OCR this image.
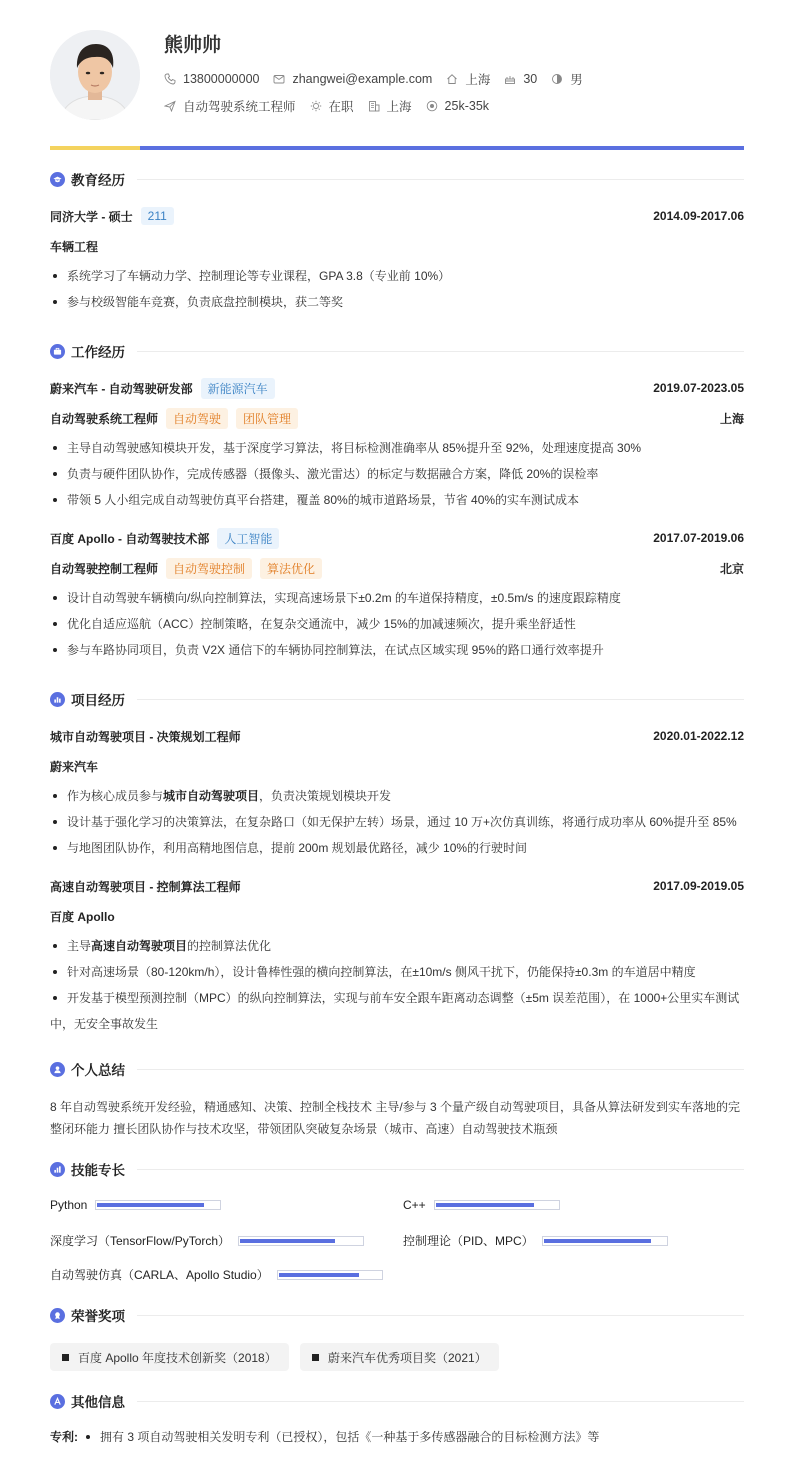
熊帅帅
13800000000	zhangwei@example.com	上海	30	男
自动驾驶系统工程师	在职	上海	25k-35k
教育经历
同济大学 - 硕士	211	2014.09-2017.06
车辆工程
系统学习了车辆动力学、控制理论等专业课程，GPA 3.8（专业前 10%）
参与校级智能车竞赛，负责底盘控制模块，获二等奖
工作经历
蔚来汽车 - 自动驾驶研发部	新能源汽车	2019.07-2023.05
自动驾驶系统工程师	自动驾驶	团队管理	上海
主导自动驾驶感知模块开发，基于深度学习算法，将目标检测准确率从 85%提升至 92%，处理速度提高 30%
负责与硬件团队协作，完成传感器（摄像头、激光雷达）的标定与数据融合方案，降低 20%的误检率
带领 5 人小组完成自动驾驶仿真平台搭建，覆盖 80%的城市道路场景，节省 40%的实车测试成本
百度 Apollo - 自动驾驶技术部	人工智能	2017.07-2019.06
自动驾驶控制工程师	自动驾驶控制	算法优化	北京
设计自动驾驶车辆横向/纵向控制算法，实现高速场景下±0.2m 的车道保持精度，±0.5m/s 的速度跟踪精度
优化自适应巡航（ACC）控制策略，在复杂交通流中，减少 15%的加减速频次，提升乘坐舒适性
参与车路协同项目，负责 V2X 通信下的车辆协同控制算法，在试点区域实现 95%的路口通行效率提升
项目经历
城市自动驾驶项目 - 决策规划工程师	2020.01-2022.12
蔚来汽车
作为核心成员参与城市自动驾驶项目，负责决策规划模块开发
设计基于强化学习的决策算法，在复杂路口（如无保护左转）场景，通过 10 万+次仿真训练，将通行成功率从 60%提升至 85%
与地图团队协作，利用高精地图信息，提前 200m 规划最优路径，减少 10%的行驶时间
高速自动驾驶项目 - 控制算法工程师	2017.09-2019.05
百度 Apollo
主导高速自动驾驶项目的控制算法优化
针对高速场景（80-120km/h），设计鲁棒性强的横向控制算法，在±10m/s 侧风干扰下，仍能保持±0.3m 的车道居中精度
开发基于模型预测控制（MPC）的纵向控制算法，实现与前车安全跟车距离动态调整（±5m 误差范围），在 1000+公里实车测试
中，无安全事故发生
个人总结
8 年自动驾驶系统开发经验，精通感知、决策、控制全栈技术 主导/参与 3 个量产级自动驾驶项目，具备从算法研发到实车落地的完
整闭环能力 擅长团队协作与技术攻坚，带领团队突破复杂场景（城市、高速）自动驾驶技术瓶颈
技能专长
Python	C++
深度学习（TensorFlow/PyTorch）	控制理论（PID、MPC）
自动驾驶仿真（CARLA、Apollo Studio）
荣誉奖项
百度 Apollo 年度技术创新奖（2018）	蔚来汽车优秀项目奖（2021）
其他信息
专利: 拥有 3 项自动驾驶相关发明专利（已授权），包括《一种基于多传感器融合的目标检测方法》等
